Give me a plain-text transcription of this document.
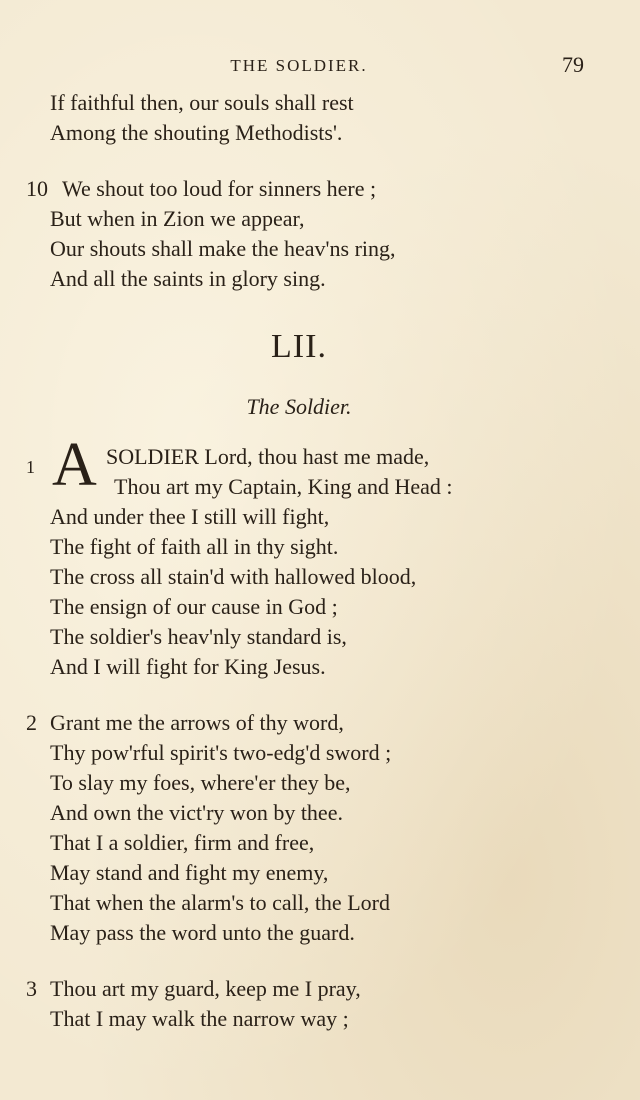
THE SOLDIER.	79
If faithful then, our souls shall rest
Among the shouting Methodists'.
10 We shout too loud for sinners here ;
But when in Zion we appear,
Our shouts shall make the heav'ns ring,
And all the saints in glory sing.
LII.
The Soldier.
1 A SOLDIER Lord, thou hast me made,
Thou art my Captain, King and Head :
And under thee I still will fight,
The fight of faith all in thy sight.
The cross all stain'd with hallowed blood,
The ensign of our cause in God ;
The soldier's heav'nly standard is,
And I will fight for King Jesus.
2 Grant me the arrows of thy word,
Thy pow'rful spirit's two-edg'd sword ;
To slay my foes, where'er they be,
And own the vict'ry won by thee.
That I a soldier, firm and free,
May stand and fight my enemy,
That when the alarm's to call, the Lord
May pass the word unto the guard.
3 Thou art my guard, keep me I pray,
That I may walk the narrow way ;
